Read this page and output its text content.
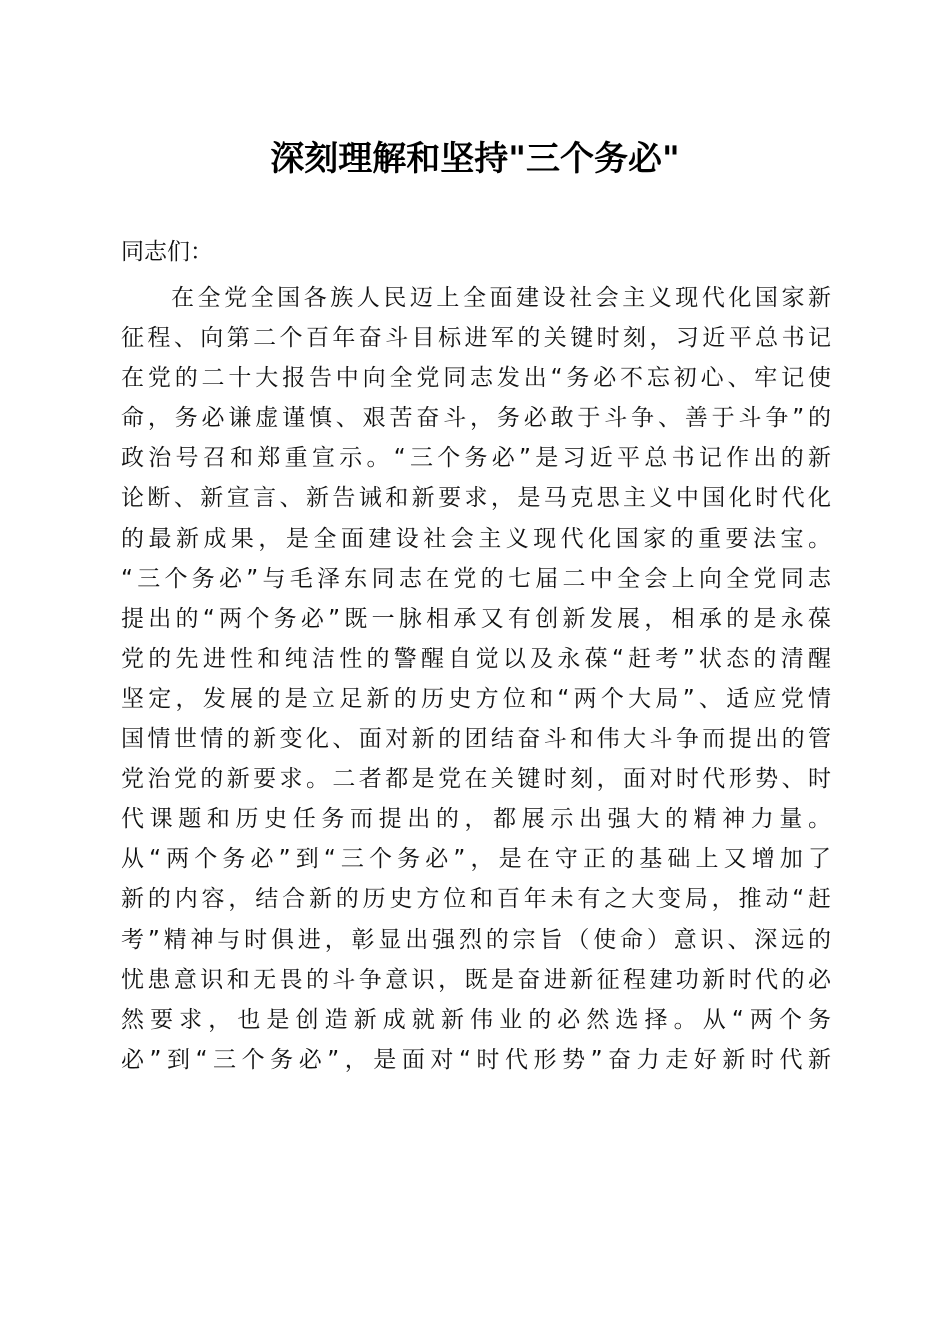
深刻理解和坚持"三个务必"
同志们：
在全党全国各族人民迈上全面建设社会主义现代化国家新
征程、向第二个百年奋斗目标进军的关键时刻，习近平总书记
在党的二十大报告中向全党同志发出“务必不忘初心、牢记使
命，务必谦虚谨慎、艰苦奋斗，务必敢于斗争、善于斗争”的
政治号召和郑重宣示。“三个务必”是习近平总书记作出的新
论断、新宣言、新告诫和新要求，是马克思主义中国化时代化
的最新成果，是全面建设社会主义现代化国家的重要法宝。
“三个务必”与毛泽东同志在党的七届二中全会上向全党同志
提出的“两个务必”既一脉相承又有创新发展，相承的是永葆
党的先进性和纯洁性的警醒自觉以及永葆“赶考”状态的清醒
坚定，发展的是立足新的历史方位和“两个大局”、适应党情
国情世情的新变化、面对新的团结奋斗和伟大斗争而提出的管
党治党的新要求。二者都是党在关键时刻，面对时代形势、时
代课题和历史任务而提出的，都展示出强大的精神力量。
从“两个务必”到“三个务必”，是在守正的基础上又增加了
新的内容，结合新的历史方位和百年未有之大变局，推动“赶
考”精神与时俱进，彰显出强烈的宗旨（使命）意识、深远的
忧患意识和无畏的斗争意识，既是奋进新征程建功新时代的必
然要求，也是创造新成就新伟业的必然选择。从“两个务
必”到“三个务必”，是面对“时代形势”奋力走好新时代新
